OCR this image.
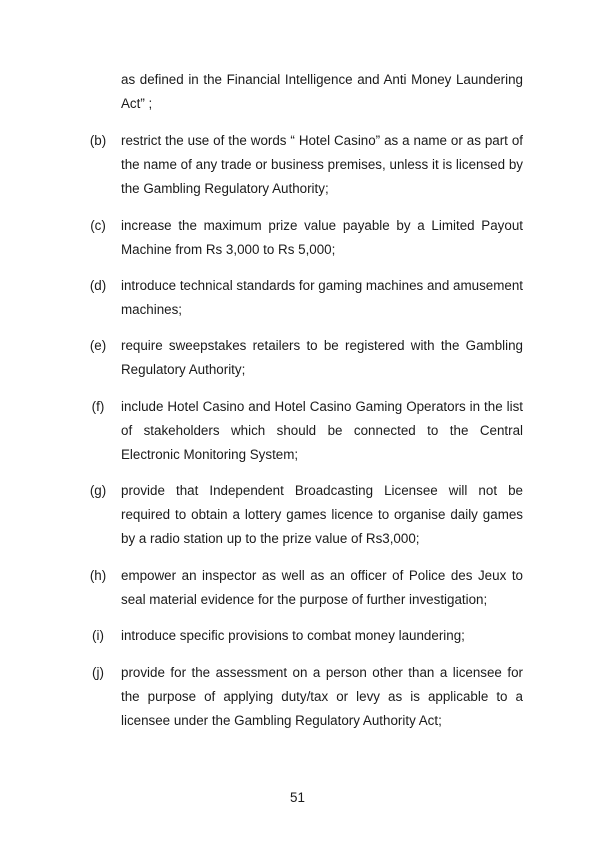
as defined in the Financial Intelligence and Anti Money Laundering Act” ;
(b)	restrict the use of the words “ Hotel Casino” as a name or as part of the name of any trade or business premises, unless it is licensed by the Gambling Regulatory Authority;
(c)	increase the maximum prize value payable by a Limited Payout Machine from Rs 3,000 to Rs 5,000;
(d)	introduce technical standards for gaming machines and amusement machines;
(e)	require sweepstakes retailers to be registered with the Gambling Regulatory Authority;
(f)	include Hotel Casino and Hotel Casino Gaming Operators in the list of stakeholders which should be connected to the Central Electronic Monitoring System;
(g)	provide that Independent Broadcasting Licensee will not be required to obtain a lottery games licence to organise daily games by a radio station up to the prize value of Rs3,000;
(h)	empower an inspector as well as an officer of Police des Jeux to seal material evidence for the purpose of further investigation;
(i)	introduce specific provisions to combat money laundering;
(j)	provide for the assessment on a person other than a licensee for the purpose of applying duty/tax or levy as is applicable to a licensee under the Gambling Regulatory Authority Act;
51
